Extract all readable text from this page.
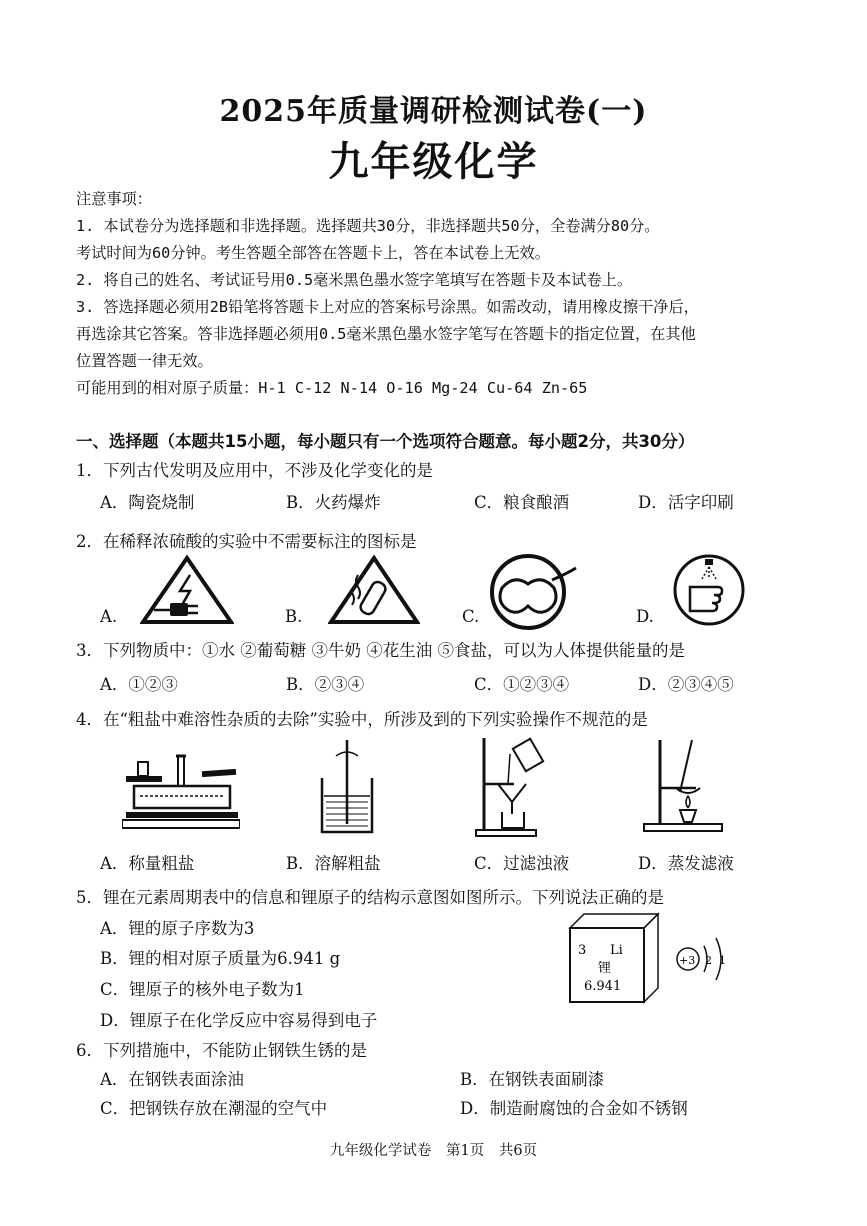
2025年质量调研检测试卷(一)
九年级化学
注意事项：
1. 本试卷分为选择题和非选择题。选择题共30分，非选择题共50分，全卷满分80分。
考试时间为60分钟。考生答题全部答在答题卡上，答在本试卷上无效。
2. 将自己的姓名、考试证号用0.5毫米黑色墨水签字笔填写在答题卡及本试卷上。
3. 答选择题必须用2B铅笔将答题卡上对应的答案标号涂黑。如需改动，请用橡皮擦干净后，
再选涂其它答案。答非选择题必须用0.5毫米黑色墨水签字笔写在答题卡的指定位置，在其他
位置答题一律无效。
可能用到的相对原子质量：H-1 C-12 N-14 O-16 Mg-24 Cu-64 Zn-65
一、选择题（本题共15小题，每小题只有一个选项符合题意。每小题2分，共30分）
1．下列古代发明及应用中，不涉及化学变化的是
A．陶瓷烧制	B．火药爆炸	C．粮食酿酒	D．活字印刷
2．在稀释浓硫酸的实验中不需要标注的图标是
A.	B.	C.	D.
3．下列物质中：①水 ②葡萄糖 ③牛奶 ④花生油 ⑤食盐，可以为人体提供能量的是
A．①②③	B．②③④	C．①②③④	D．②③④⑤
4．在“粗盐中难溶性杂质的去除”实验中，所涉及到的下列实验操作不规范的是
A．称量粗盐	B．溶解粗盐	C．过滤浊液	D．蒸发滤液
5．锂在元素周期表中的信息和锂原子的结构示意图如图所示。下列说法正确的是
A．锂的原子序数为3
B．锂的相对原子质量为6.941 g
C．锂原子的核外电子数为1
D．锂原子在化学反应中容易得到电子
3 Li
锂
6.941
+3 2 1
6．下列措施中，不能防止钢铁生锈的是
A．在钢铁表面涂油	B．在钢铁表面刷漆
C．把钢铁存放在潮湿的空气中	D．制造耐腐蚀的合金如不锈钢
九年级化学试卷 第1页 共6页
